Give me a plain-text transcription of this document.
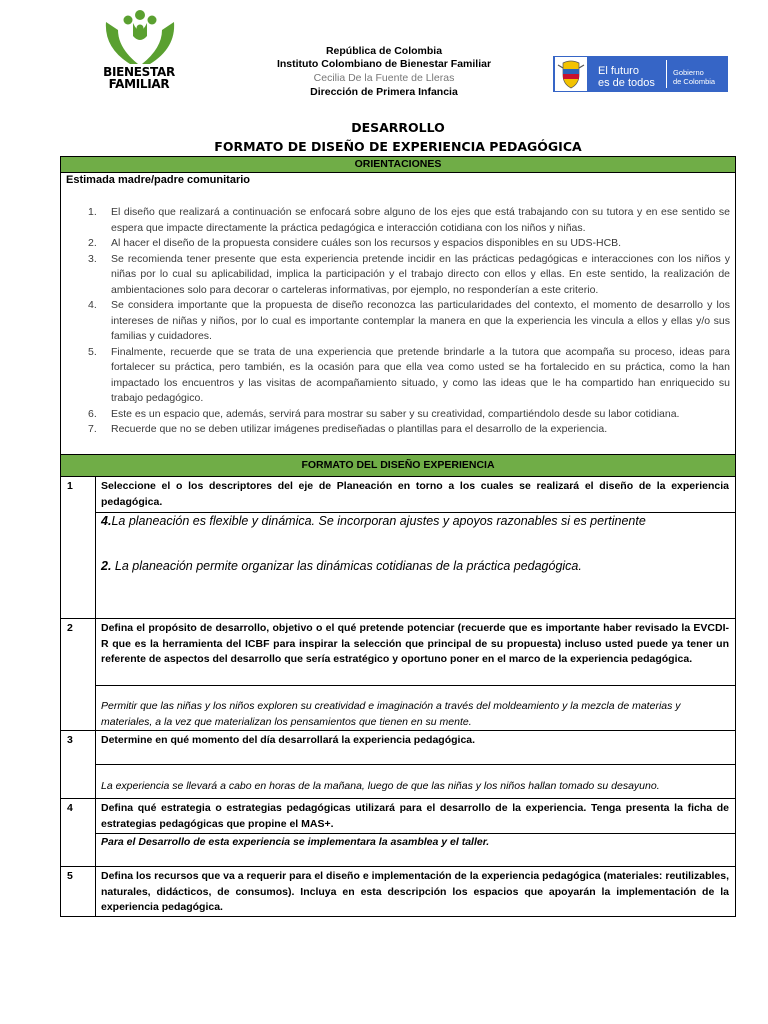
BIENESTAR
FAMILIAR
República de Colombia
Instituto Colombiano de Bienestar Familiar
Cecilia De la Fuente de Lleras
Dirección de Primera Infancia
El futuro
es de todos
Gobierno
de Colombia
DESARROLLO
FORMATO DE DISEÑO DE EXPERIENCIA PEDAGÓGICA
ORIENTACIONES
Estimada madre/padre comunitario
1. El diseño que realizará a continuación se enfocará sobre alguno de los ejes que está trabajando con su tutora y en ese sentido se espera que impacte directamente la práctica pedagógica e interacción cotidiana con los niños y niñas.
2. Al hacer el diseño de la propuesta considere cuáles son los recursos y espacios disponibles en su UDS-HCB.
3. Se recomienda tener presente que esta experiencia pretende incidir en las prácticas pedagógicas e interacciones con los niños y niñas por lo cual su aplicabilidad, implica la participación y el trabajo directo con ellos y ellas. En este sentido, la realización de ambientaciones solo para decorar o carteleras informativas, por ejemplo, no responderían a este criterio.
4. Se considera importante que la propuesta de diseño reconozca las particularidades del contexto, el momento de desarrollo y los intereses de niñas y niños, por lo cual es importante contemplar la manera en que la experiencia les vincula a ellos y ellas y/o sus familias y cuidadores.
5. Finalmente, recuerde que se trata de una experiencia que pretende brindarle a la tutora que acompaña su proceso, ideas para fortalecer su práctica, pero también, es la ocasión para que ella vea como usted se ha fortalecido en su práctica, como la han impactado los encuentros y las visitas de acompañamiento situado, y como las ideas que le ha compartido han enriquecido su trabajo pedagógico.
6. Este es un espacio que, además, servirá para mostrar su saber y su creatividad, compartiéndolo desde su labor cotidiana.
7. Recuerde que no se deben utilizar imágenes prediseñadas o plantillas para el desarrollo de la experiencia.
FORMATO DEL DISEÑO EXPERIENCIA
1	Seleccione el o los descriptores del eje de Planeación en torno a los cuales se realizará el diseño de la experiencia pedagógica.
4.La planeación es flexible y dinámica. Se incorporan ajustes y apoyos razonables si es pertinente
2. La planeación permite organizar las dinámicas cotidianas de la práctica pedagógica.
2	Defina el propósito de desarrollo, objetivo o el qué pretende potenciar (recuerde que es importante haber revisado la EVCDI-R que es la herramienta del ICBF para inspirar la selección que principal de su propuesta) incluso usted puede ya tener un referente de aspectos del desarrollo que sería estratégico y oportuno poner en el marco de la experiencia pedagógica.
Permitir que las niñas y los niños exploren su creatividad e imaginación a través del moldeamiento y la mezcla de materias y materiales, a la vez que materializan los pensamientos que tienen en su mente.
3	Determine en qué momento del día desarrollará la experiencia pedagógica.
La experiencia se llevará a cabo en horas de la mañana, luego de que las niñas y los niños hallan tomado su desayuno.
4	Defina qué estrategia o estrategias pedagógicas utilizará para el desarrollo de la experiencia. Tenga presenta la ficha de estrategias pedagógicas que propine el MAS+.
Para el Desarrollo de esta experiencia se implementara la asamblea y el taller.
5	Defina los recursos que va a requerir para el diseño e implementación de la experiencia pedagógica (materiales: reutilizables, naturales, didácticos, de consumos). Incluya en esta descripción los espacios que apoyarán la implementación de la experiencia pedagógica.
